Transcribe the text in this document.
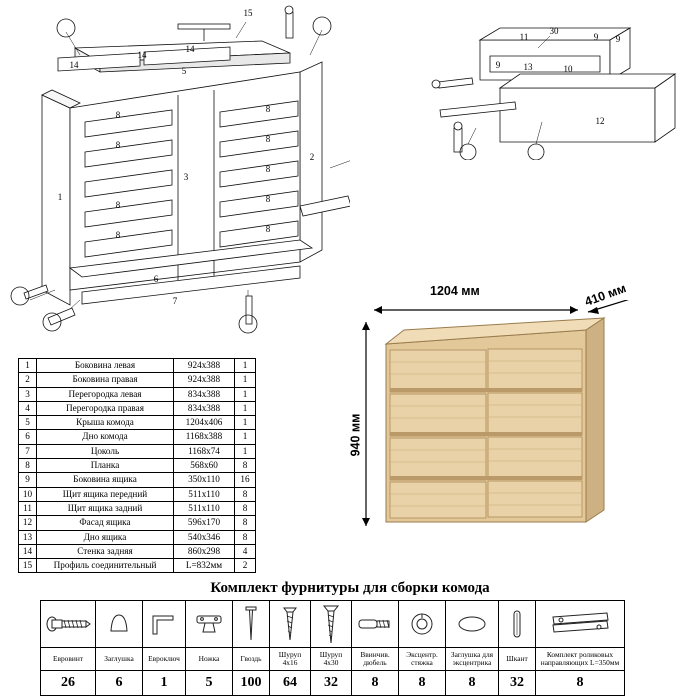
15
14
14
14
5
1
8
8
8
8
3
8
8
8
8
8
6
7
2
11
30
9 9
9	13	10
12
1	Боковина левая	924х388	1
2	Боковина правая	924х388	1
3	Перегородка левая	834х388	1
4	Перегородка правая	834х388	1
5	Крыша комода	1204х406	1
6	Дно комода	1168х388	1
7	Цоколь	1168х74	1
8	Планка	568х60	8
9	Боковина ящика	350х110	16
10	Щит ящика передний	511х110	8
11	Щит ящика задний	511х110	8
12	Фасад ящика	596х170	8
13	Дно ящика	540х346	8
14	Стенка задняя	860х298	4
15	Профиль соединительный	L=832мм	2
1204 мм	410 мм
940 мм
Комплект фурнитуры для сборки комода

Евровинт	Заглушка	Евроключ	Ножка	Гвоздь	Шуруп 4х16	Шуруп 4х30	Ввинчив. дюбель	Эксцентр. стяжка	Заглушка для эксцентрика	Шкант	Комплект роликовых направляющих L=350мм
26	6	1	5	100	64	32	8	8	8	32	8
